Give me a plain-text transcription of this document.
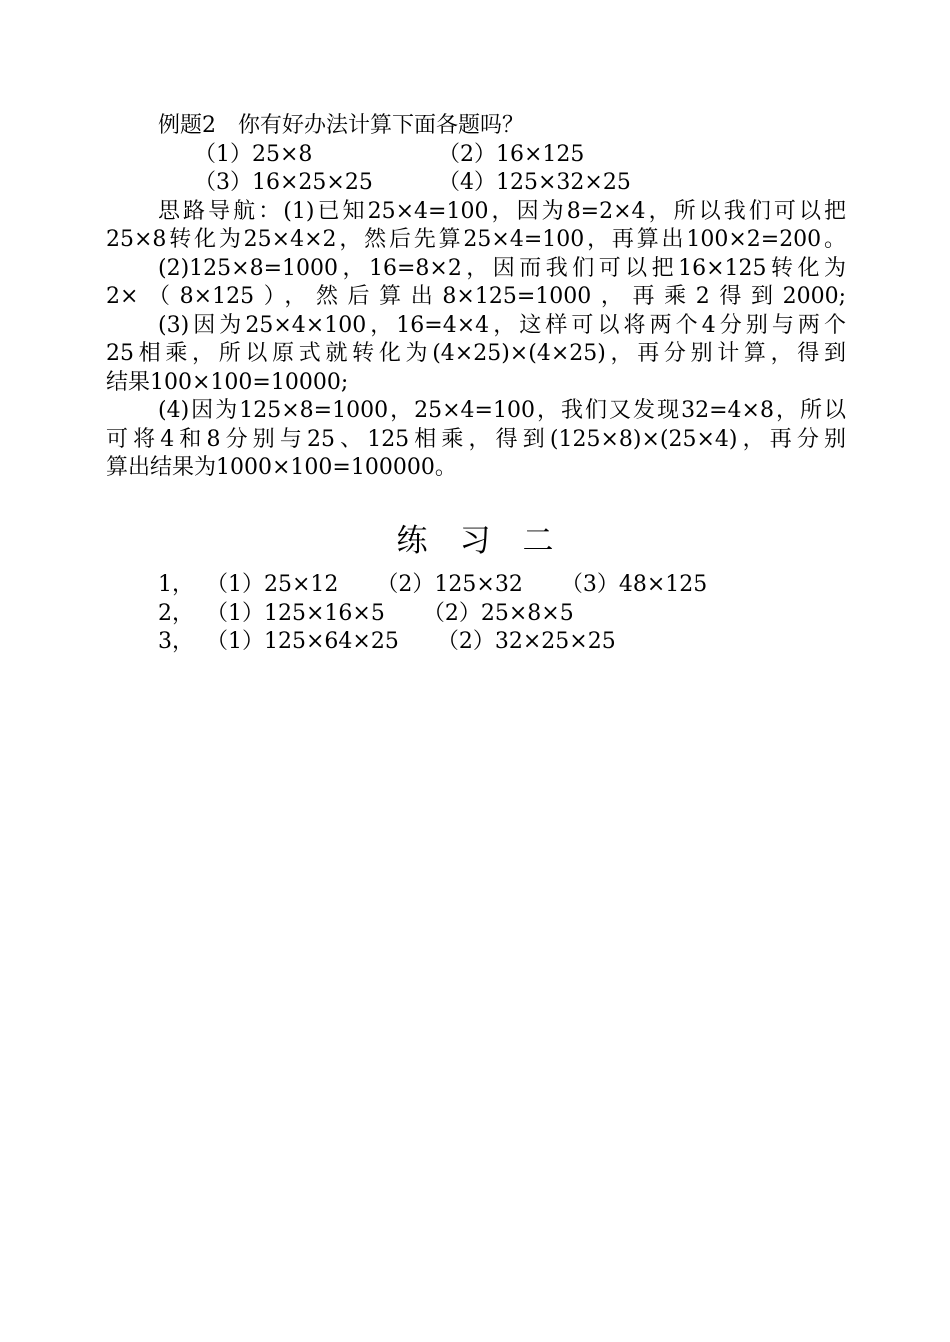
例题2　你有好办法计算下面各题吗？
（1）25×8	（2）16×125
（3）16×25×25	（4）125×32×25
思路导航：(1)已知25×4=100，因为8=2×4，所以我们可以把
25×8转化为25×4×2，然后先算25×4=100，再算出100×2=200。
(2)125×8=1000，16=8×2，因而我们可以把16×125转化为
2×（8×125），然后算出8×125=1000，再乘2得到2000;
(3)因为25×4×100，16=4×4，这样可以将两个4分别与两个
25相乘，所以原式就转化为(4×25)×(4×25)，再分别计算，得到
结果100×100=10000;
(4)因为125×8=1000，25×4=100，我们又发现32=4×8，所以
可将4和8分别与25、125相乘，得到(125×8)×(25×4)，再分别
算出结果为1000×100=100000。
练习二
1， （1）25×12 （2）125×32 （3）48×125
2， （1）125×16×5 （2）25×8×5
3， （1）125×64×25 （2）32×25×25
